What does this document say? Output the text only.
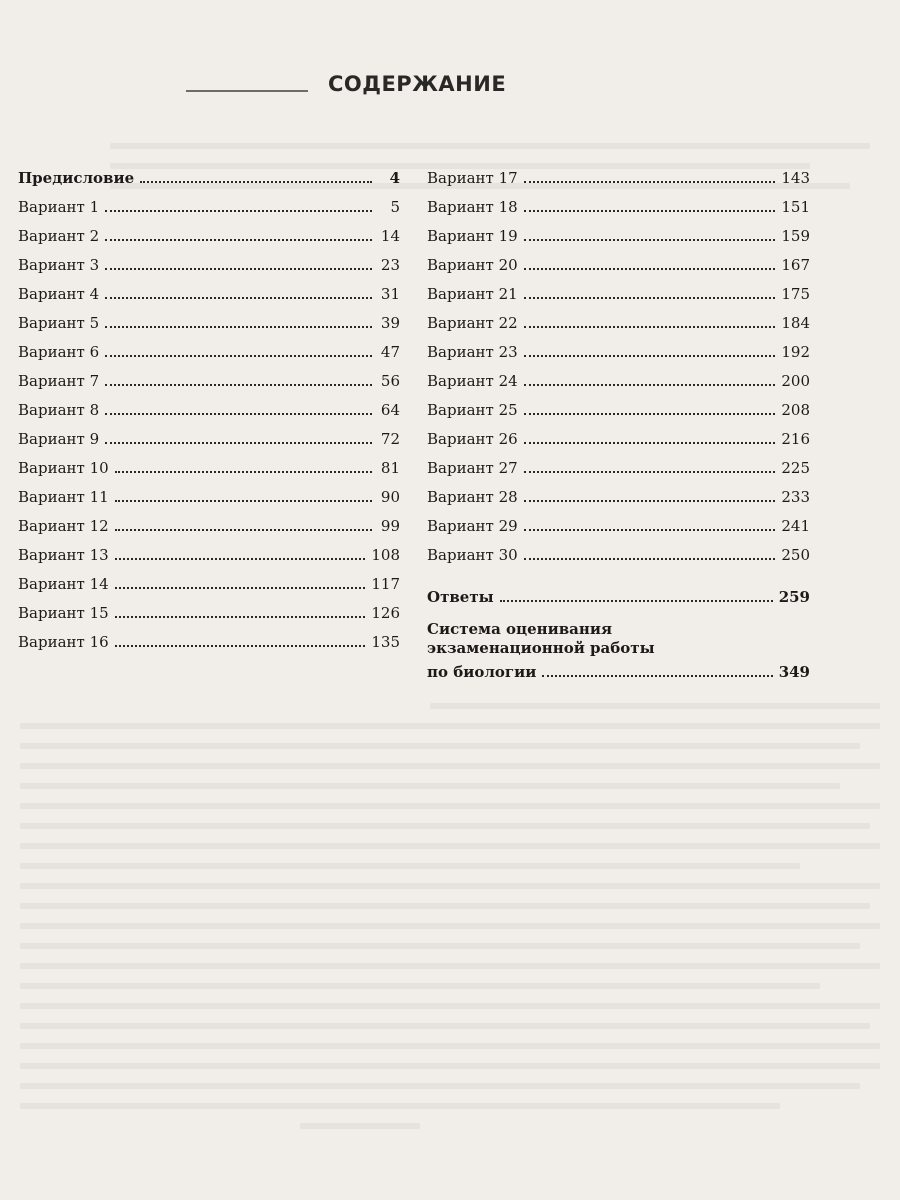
СОДЕРЖАНИЕ
Предисловие	4
Вариант 1	5
Вариант 2	14
Вариант 3	23
Вариант 4	31
Вариант 5	39
Вариант 6	47
Вариант 7	56
Вариант 8	64
Вариант 9	72
Вариант 10	81
Вариант 11	90
Вариант 12	99
Вариант 13	108
Вариант 14	117
Вариант 15	126
Вариант 16	135
Вариант 17	143
Вариант 18	151
Вариант 19	159
Вариант 20	167
Вариант 21	175
Вариант 22	184
Вариант 23	192
Вариант 24	200
Вариант 25	208
Вариант 26	216
Вариант 27	225
Вариант 28	233
Вариант 29	241
Вариант 30	250
Ответы	259
Система оценивания
экзаменационной работы
по биологии	349
